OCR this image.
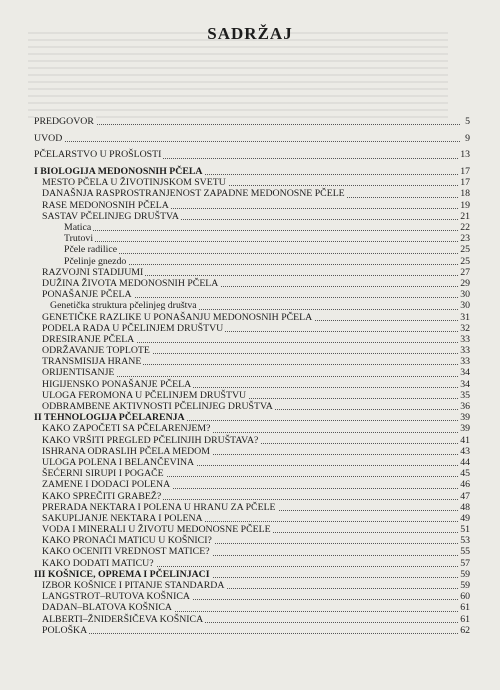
SADRŽAJ
PREDGOVOR	5
UVOD	9
PČELARSTVO U PROŠLOSTI	13
I BIOLOGIJA MEDONOSNIH PČELA	17
MESTO PČELA U ŽIVOTINJSKOM SVETU	17
DANAŠNJA RASPROSTRANJENOST ZAPADNE MEDONOSNE PČELE	18
RASE MEDONOSNIH PČELA	19
SASTAV PČELINJEG DRUŠTVA	21
Matica	22
Trutovi	23
Pčele radilice	25
Pčelinje gnezdo	25
RAZVOJNI STADIJUMI	27
DUŽINA ŽIVOTA MEDONOSNIH PČELA	29
PONAŠANJE PČELA	30
Genetička struktura pčelinjeg društva	30
GENETIČKE RAZLIKE U PONAŠANJU MEDONOSNIH PČELA	31
PODELA RADA U PČELINJEM DRUŠTVU	32
DRESIRANJE PČELA	33
ODRŽAVANJE TOPLOTE	33
TRANSMISIJA HRANE	33
ORIJENTISANJE	34
HIGIJENSKO PONAŠANJE PČELA	34
ULOGA FEROMONA U PČELINJEM DRUŠTVU	35
ODBRAMBENE AKTIVNOSTI PČELINJEG DRUŠTVA	36
II TEHNOLOGIJA PČELARENJA	39
KAKO ZAPOČETI SA PČELARENJEM?	39
KAKO VRŠITI PREGLED PČELINJIH DRUŠTAVA?	41
ISHRANA ODRASLIH PČELA MEDOM	43
ULOGA POLENA I BELANČEVINA	44
ŠEĆERNI SIRUPI I POGAČE	45
ZAMENE I DODACI POLENA	46
KAKO SPREČITI GRABEŽ?	47
PRERADA NEKTARA I POLENA U HRANU ZA PČELE	48
SAKUPLJANJE NEKTARA I POLENA	49
VODA I MINERALI U ŽIVOTU MEDONOSNE PČELE	51
KAKO PRONAĆI MATICU U KOŠNICI?	53
KAKO OCENITI VREDNOST MATICE?	55
KAKO DODATI MATICU?	57
III KOŠNICE, OPREMA I PČELINJACI	59
IZBOR KOŠNICE I PITANJE STANDARDA	59
LANGSTROT–RUTOVA KOŠNICA	60
DADAN–BLATOVA KOŠNICA	61
ALBERTI–ŽNIDERŠIČEVA KOŠNICA	61
POLOŠKA	62
